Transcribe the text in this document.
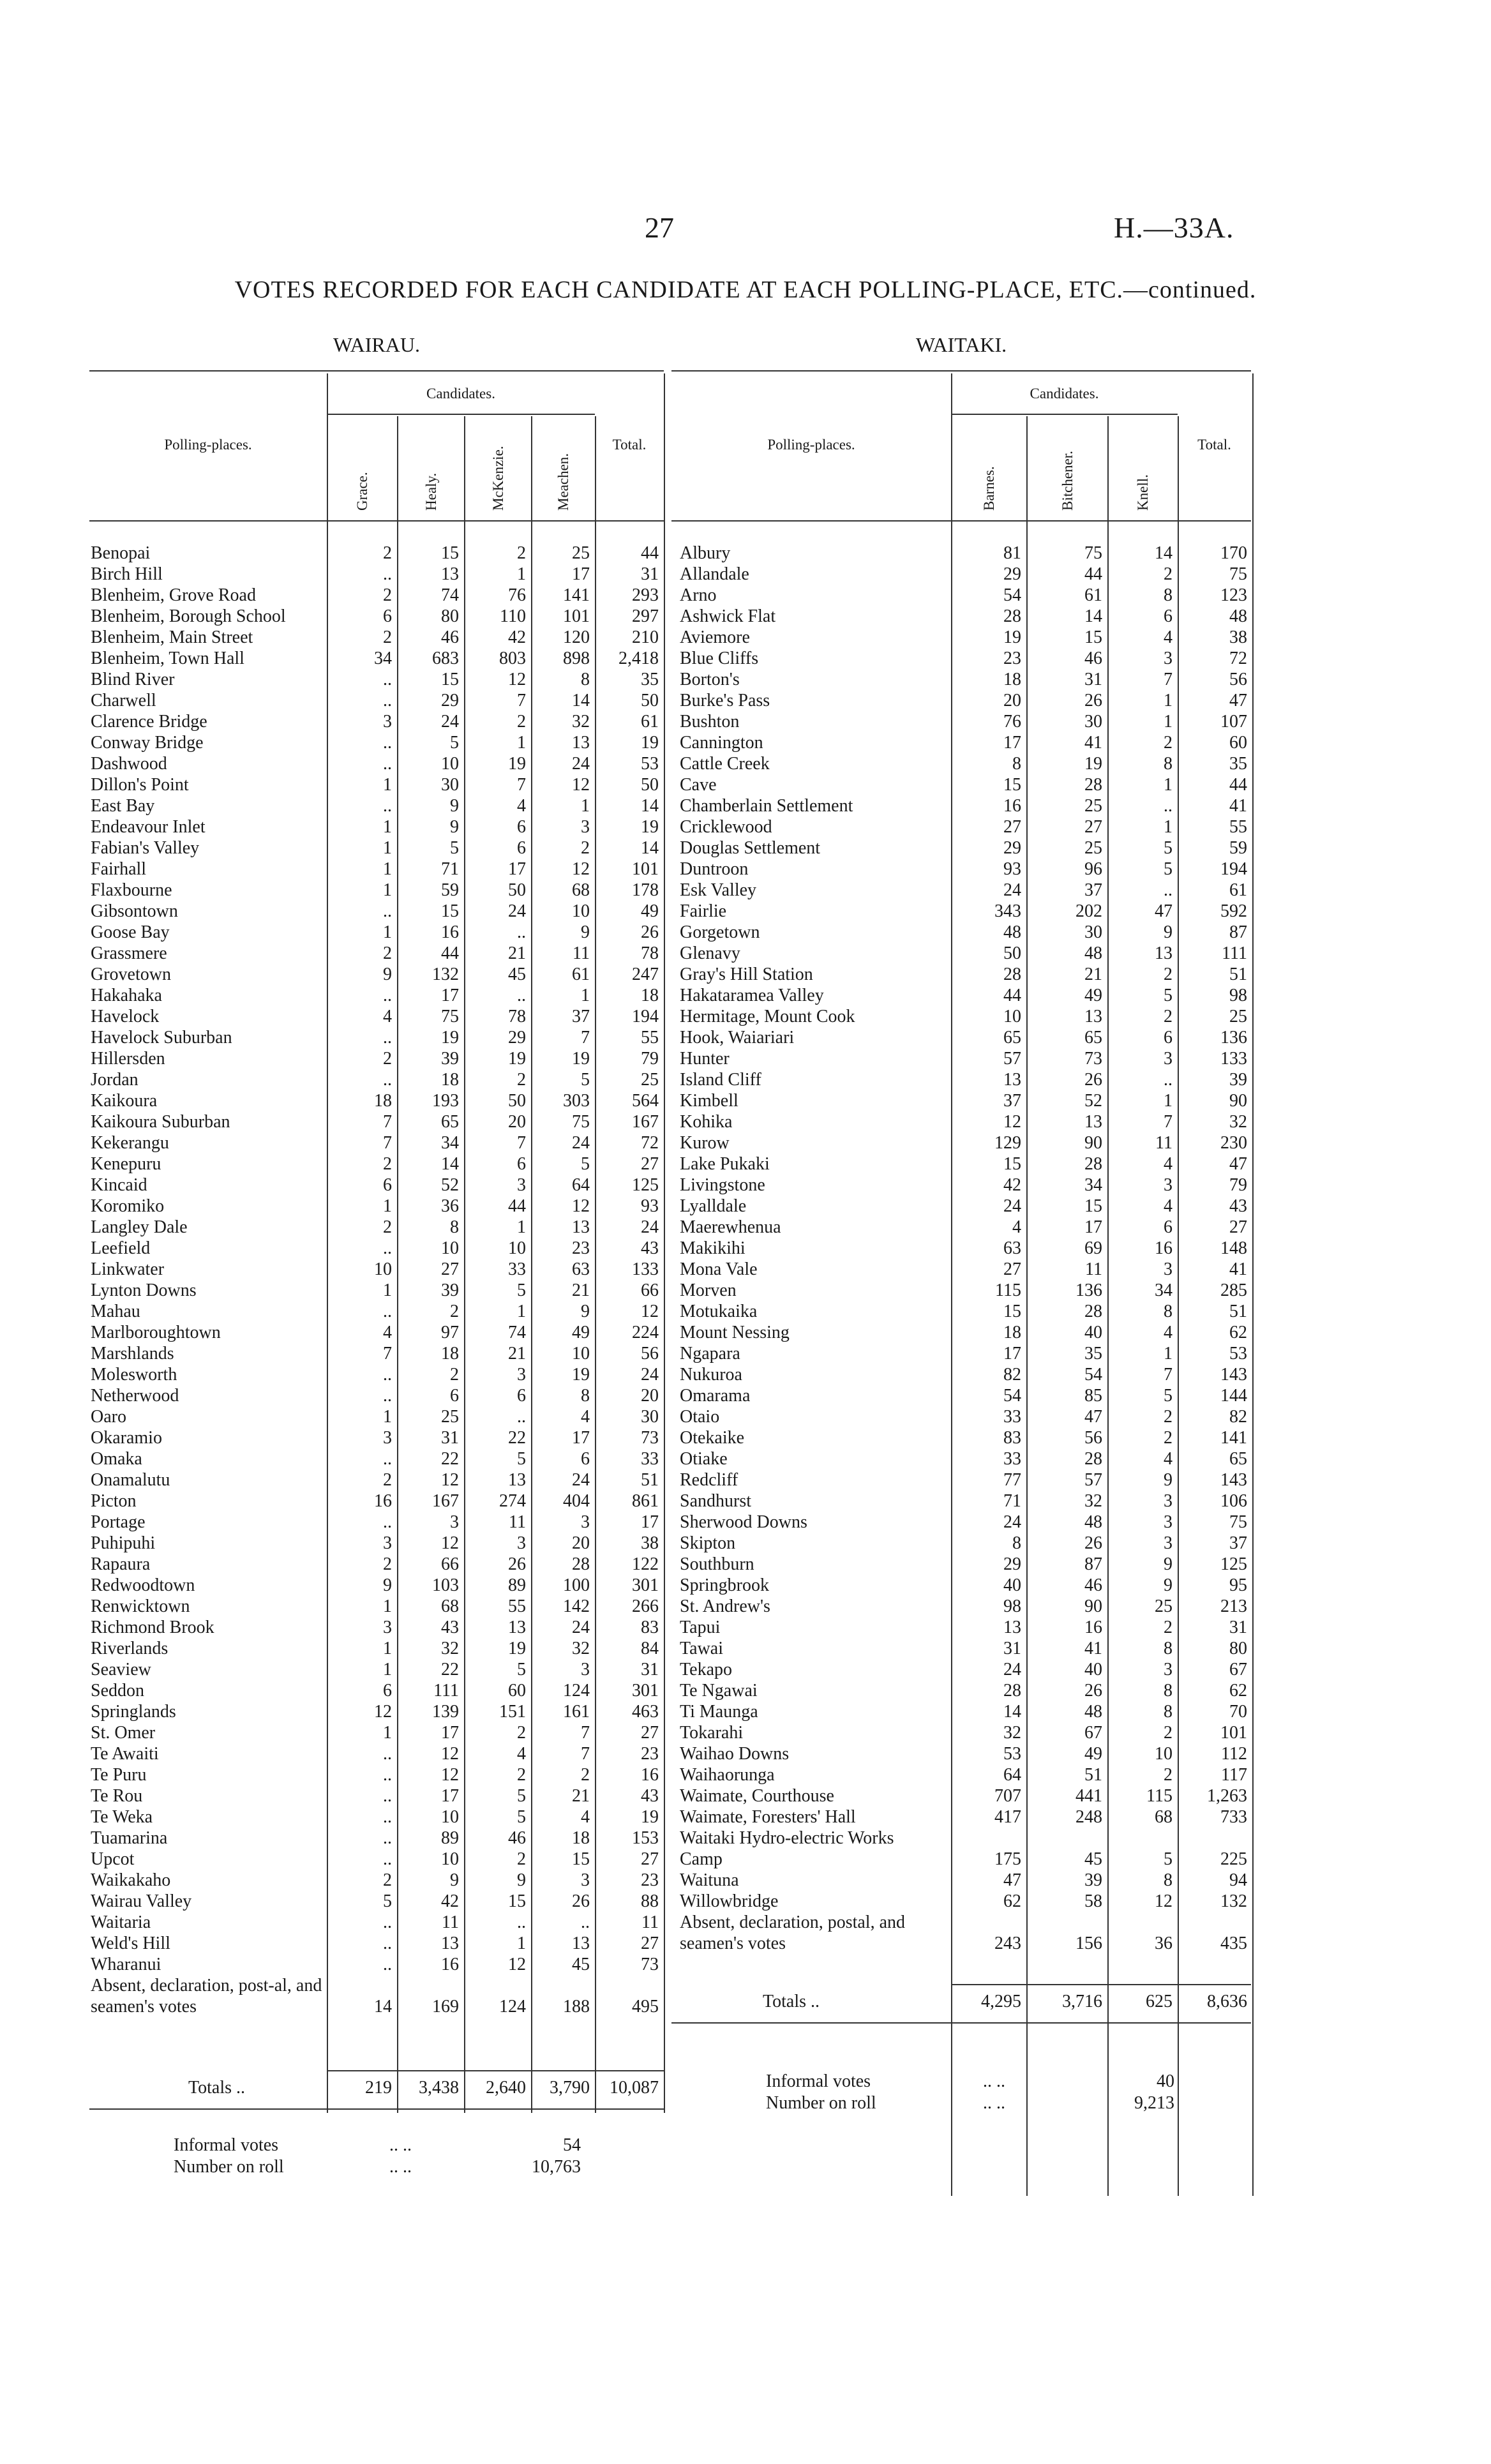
27	H.—33A.
VOTES RECORDED FOR EACH CANDIDATE AT EACH POLLING-PLACE, ETC.—continued.
WAIRAU.
Candidates.
Polling-places.	Total.
Grace.	Healy.	McKenzie.	Meachen.
Benopai	2	15	2	25	44
Birch Hill	..	13	1	17	31
Blenheim, Grove Road	2	74	76	141	293
Blenheim, Borough School	6	80	110	101	297
Blenheim, Main Street	2	46	42	120	210
Blenheim, Town Hall	34	683	803	898	2,418
Blind River	..	15	12	8	35
Charwell	..	29	7	14	50
Clarence Bridge	3	24	2	32	61
Conway Bridge	..	5	1	13	19
Dashwood	..	10	19	24	53
Dillon's Point	1	30	7	12	50
East Bay	..	9	4	1	14
Endeavour Inlet	1	9	6	3	19
Fabian's Valley	1	5	6	2	14
Fairhall	1	71	17	12	101
Flaxbourne	1	59	50	68	178
Gibsontown	..	15	24	10	49
Goose Bay	1	16	..	9	26
Grassmere	2	44	21	11	78
Grovetown	9	132	45	61	247
Hakahaka	..	17	..	1	18
Havelock	4	75	78	37	194
Havelock Suburban	..	19	29	7	55
Hillersden	2	39	19	19	79
Jordan	..	18	2	5	25
Kaikoura	18	193	50	303	564
Kaikoura Suburban	7	65	20	75	167
Kekerangu	7	34	7	24	72
Kenepuru	2	14	6	5	27
Kincaid	6	52	3	64	125
Koromiko	1	36	44	12	93
Langley Dale	2	8	1	13	24
Leefield	..	10	10	23	43
Linkwater	10	27	33	63	133
Lynton Downs	1	39	5	21	66
Mahau	..	2	1	9	12
Marlboroughtown	4	97	74	49	224
Marshlands	7	18	21	10	56
Molesworth	..	2	3	19	24
Netherwood	..	6	6	8	20
Oaro	1	25	..	4	30
Okaramio	3	31	22	17	73
Omaka	..	22	5	6	33
Onamalutu	2	12	13	24	51
Picton	16	167	274	404	861
Portage	..	3	11	3	17
Puhipuhi	3	12	3	20	38
Rapaura	2	66	26	28	122
Redwoodtown	9	103	89	100	301
Renwicktown	1	68	55	142	266
Richmond Brook	3	43	13	24	83
Riverlands	1	32	19	32	84
Seaview	1	22	5	3	31
Seddon	6	111	60	124	301
Springlands	12	139	151	161	463
St. Omer	1	17	2	7	27
Te Awaiti	..	12	4	7	23
Te Puru	..	12	2	2	16
Te Rou	..	17	5	21	43
Te Weka	..	10	5	4	19
Tuamarina	..	89	46	18	153
Upcot	..	10	2	15	27
Waikakaho	2	9	9	3	23
Wairau Valley	5	42	15	26	88
Waitaria	..	11	..	..	11
Weld's Hill	..	13	1	13	27
Wharanui	..	16	12	45	73
Absent, declaration, post-al, and seamen's votes	14	169	124	188	495
Totals ..	219	3,438	2,640	3,790	10,087
Informal votes	.. ..	54
Number on roll	.. ..	10,763
WAITAKI.
Candidates.
Polling-places.	Total.
Barnes.	Bitchener.	Knell.
Albury	81	75	14	170
Allandale	29	44	2	75
Arno	54	61	8	123
Ashwick Flat	28	14	6	48
Aviemore	19	15	4	38
Blue Cliffs	23	46	3	72
Borton's	18	31	7	56
Burke's Pass	20	26	1	47
Bushton	76	30	1	107
Cannington	17	41	2	60
Cattle Creek	8	19	8	35
Cave	15	28	1	44
Chamberlain Settlement	16	25	..	41
Cricklewood	27	27	1	55
Douglas Settlement	29	25	5	59
Duntroon	93	96	5	194
Esk Valley	24	37	..	61
Fairlie	343	202	47	592
Gorgetown	48	30	9	87
Glenavy	50	48	13	111
Gray's Hill Station	28	21	2	51
Hakataramea Valley	44	49	5	98
Hermitage, Mount Cook	10	13	2	25
Hook, Waiariari	65	65	6	136
Hunter	57	73	3	133
Island Cliff	13	26	..	39
Kimbell	37	52	1	90
Kohika	12	13	7	32
Kurow	129	90	11	230
Lake Pukaki	15	28	4	47
Livingstone	42	34	3	79
Lyalldale	24	15	4	43
Maerewhenua	4	17	6	27
Makikihi	63	69	16	148
Mona Vale	27	11	3	41
Morven	115	136	34	285
Motukaika	15	28	8	51
Mount Nessing	18	40	4	62
Ngapara	17	35	1	53
Nukuroa	82	54	7	143
Omarama	54	85	5	144
Otaio	33	47	2	82
Otekaike	83	56	2	141
Otiake	33	28	4	65
Redcliff	77	57	9	143
Sandhurst	71	32	3	106
Sherwood Downs	24	48	3	75
Skipton	8	26	3	37
Southburn	29	87	9	125
Springbrook	40	46	9	95
St. Andrew's	98	90	25	213
Tapui	13	16	2	31
Tawai	31	41	8	80
Tekapo	24	40	3	67
Te Ngawai	28	26	8	62
Ti Maunga	14	48	8	70
Tokarahi	32	67	2	101
Waihao Downs	53	49	10	112
Waihaorunga	64	51	2	117
Waimate, Courthouse	707	441	115	1,263
Waimate, Foresters' Hall	417	248	68	733
Waitaki Hydro-electric Works Camp	175	45	5	225
Waituna	47	39	8	94
Willowbridge	62	58	12	132
Absent, declaration, postal, and seamen's votes	243	156	36	435
Totals ..	4,295	3,716	625	8,636
Informal votes	.. ..	40
Number on roll	.. ..	9,213
